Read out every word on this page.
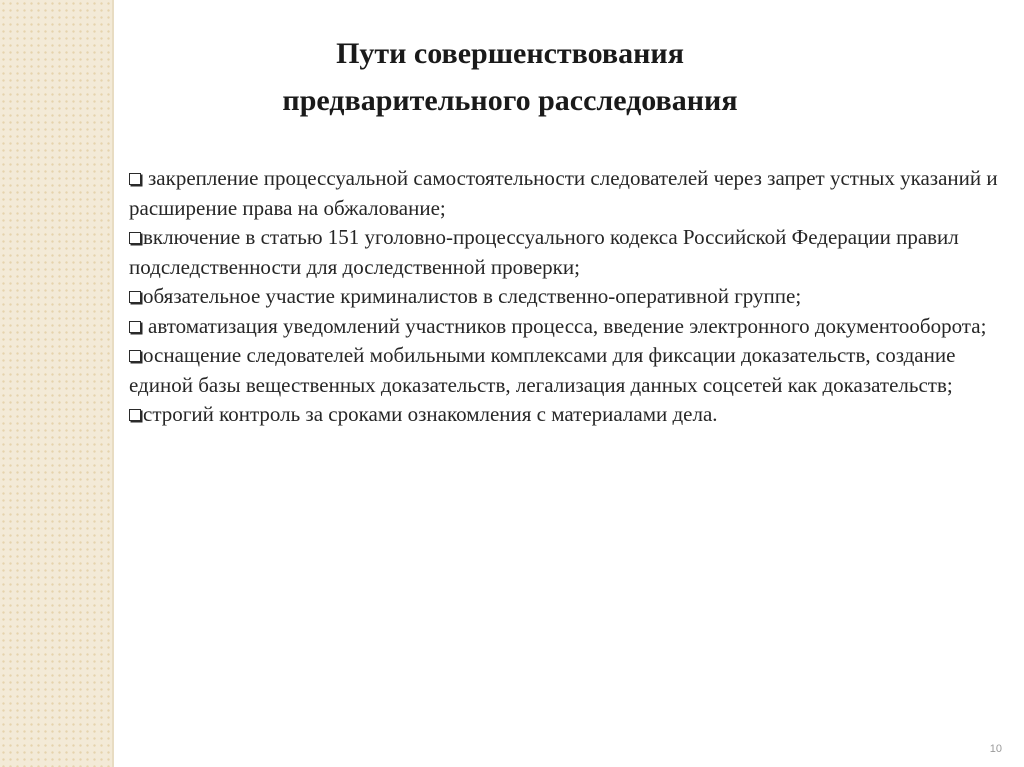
Пути совершенствования
предварительного расследования

закрепление процессуальной самостоятельности следователей через запрет устных указаний и расширение права на обжалование;

включение в статью 151 уголовно-процессуального кодекса Российской Федерации правил подследственности для доследственной проверки;

обязательное участие криминалистов в следственно-оперативной группе;

автоматизация уведомлений участников процесса, введение электронного документооборота;

оснащение следователей мобильными комплексами для фиксации доказательств, создание единой базы вещественных доказательств, легализация данных соцсетей как доказательств;

строгий контроль за сроками ознакомления с материалами дела.

10
